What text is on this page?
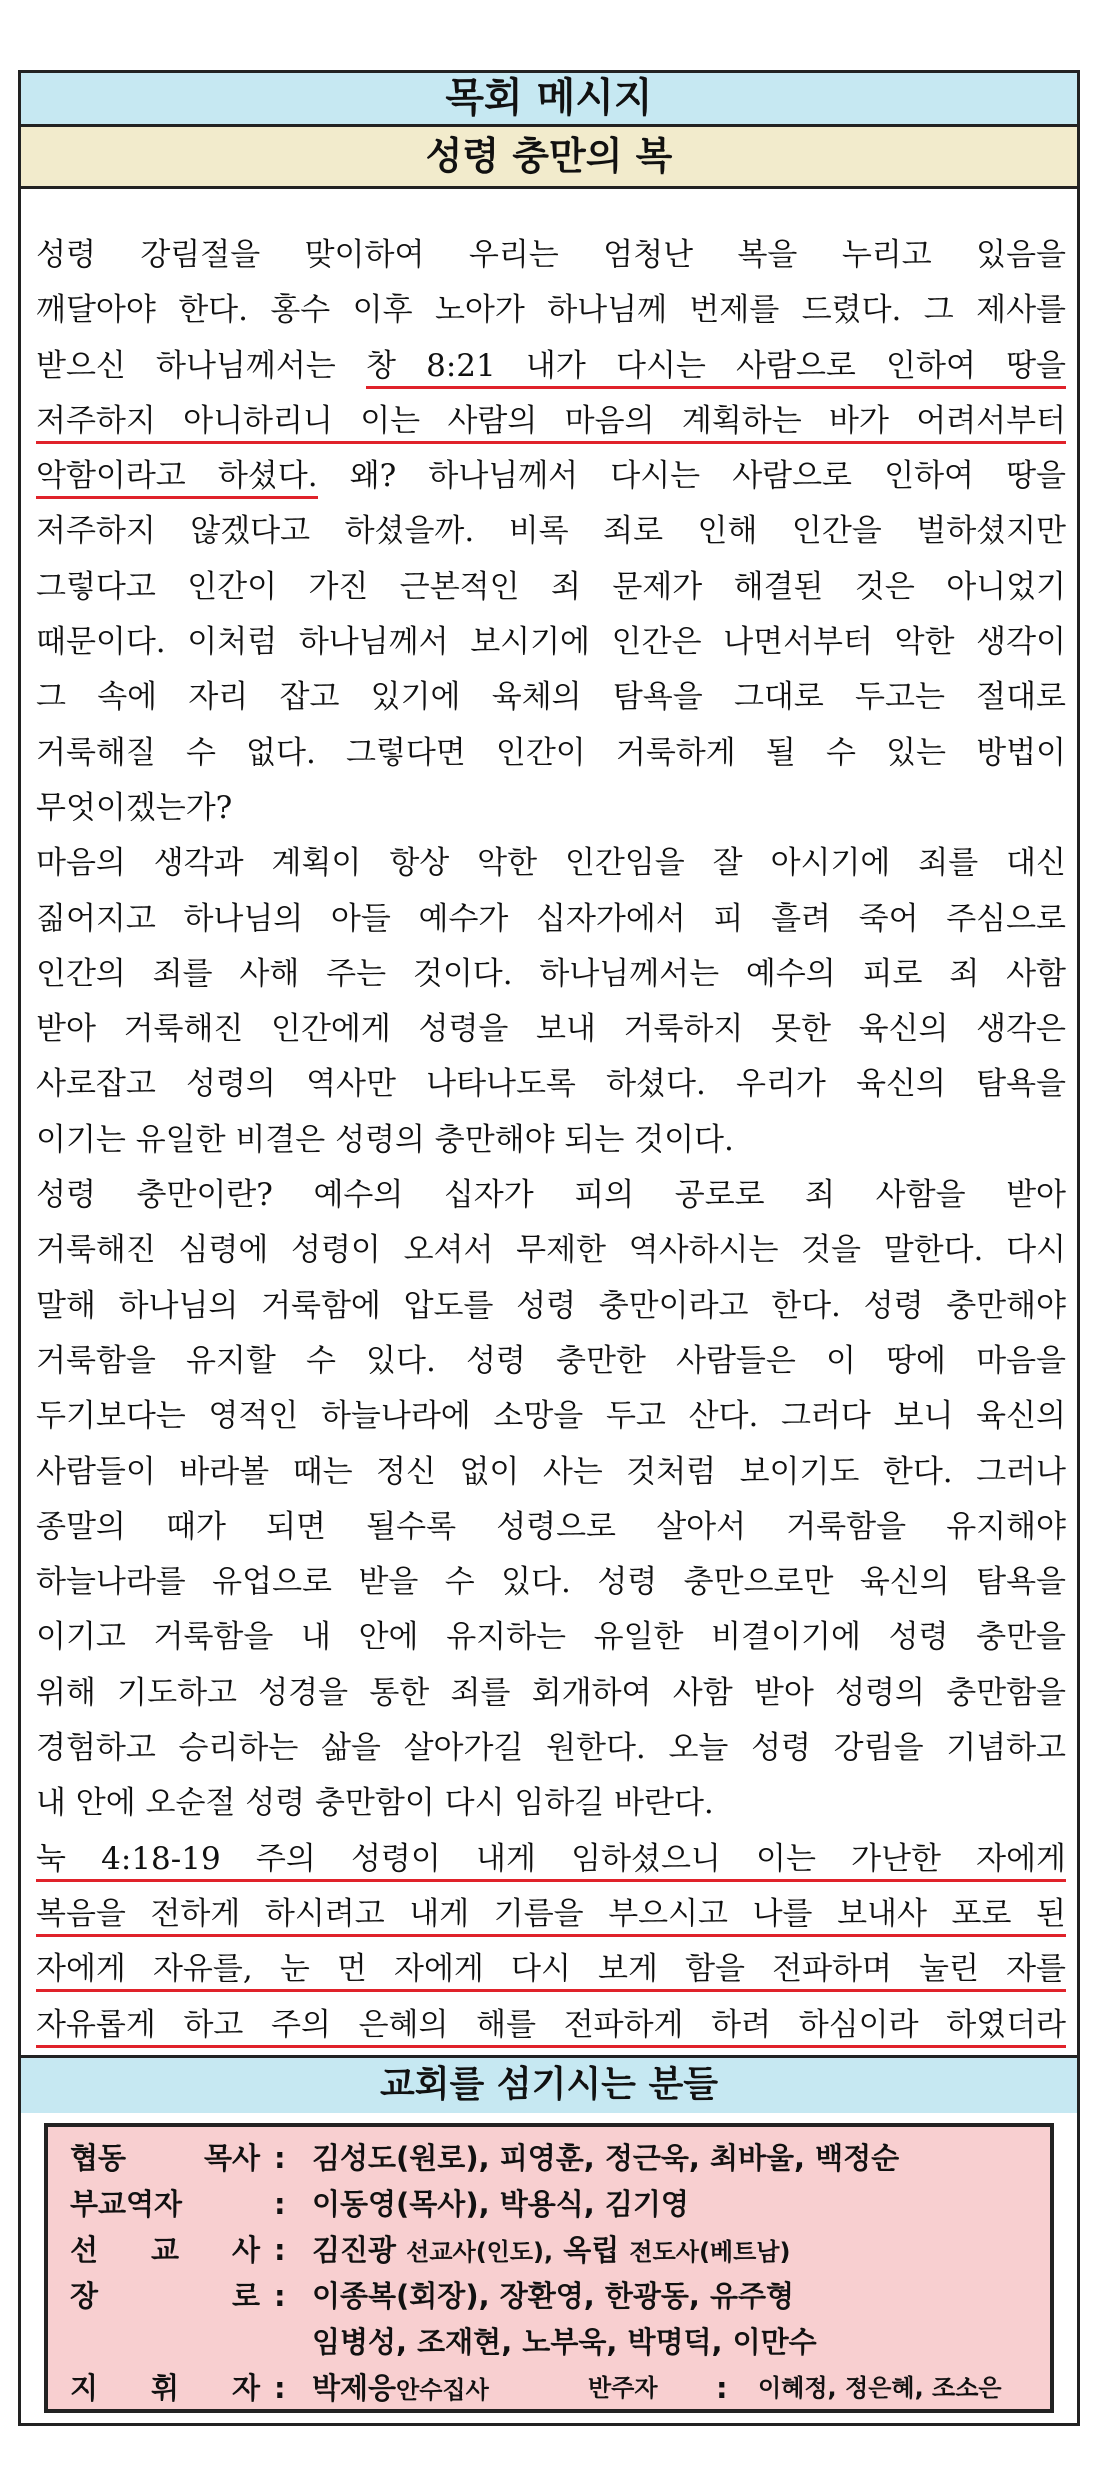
목회 메시지
성령 충만의 복
성령 강림절을 맞이하여 우리는 엄청난 복을 누리고 있음을
깨달아야 한다. 홍수 이후 노아가 하나님께 번제를 드렸다. 그 제사를
받으신 하나님께서는 창 8:21 내가 다시는 사람으로 인하여 땅을
저주하지 아니하리니 이는 사람의 마음의 계획하는 바가 어려서부터
악함이라고 하셨다. 왜? 하나님께서 다시는 사람으로 인하여 땅을
저주하지 않겠다고 하셨을까. 비록 죄로 인해 인간을 벌하셨지만
그렇다고 인간이 가진 근본적인 죄 문제가 해결된 것은 아니었기
때문이다. 이처럼 하나님께서 보시기에 인간은 나면서부터 악한 생각이
그 속에 자리 잡고 있기에 육체의 탐욕을 그대로 두고는 절대로
거룩해질 수 없다. 그렇다면 인간이 거룩하게 될 수 있는 방법이
무엇이겠는가?
마음의 생각과 계획이 항상 악한 인간임을 잘 아시기에 죄를 대신
짊어지고 하나님의 아들 예수가 십자가에서 피 흘려 죽어 주심으로
인간의 죄를 사해 주는 것이다. 하나님께서는 예수의 피로 죄 사함
받아 거룩해진 인간에게 성령을 보내 거룩하지 못한 육신의 생각은
사로잡고 성령의 역사만 나타나도록 하셨다. 우리가 육신의 탐욕을
이기는 유일한 비결은 성령의 충만해야 되는 것이다.
성령 충만이란? 예수의 십자가 피의 공로로 죄 사함을 받아
거룩해진 심령에 성령이 오셔서 무제한 역사하시는 것을 말한다. 다시
말해 하나님의 거룩함에 압도를 성령 충만이라고 한다. 성령 충만해야
거룩함을 유지할 수 있다. 성령 충만한 사람들은 이 땅에 마음을
두기보다는 영적인 하늘나라에 소망을 두고 산다. 그러다 보니 육신의
사람들이 바라볼 때는 정신 없이 사는 것처럼 보이기도 한다. 그러나
종말의 때가 되면 될수록 성령으로 살아서 거룩함을 유지해야
하늘나라를 유업으로 받을 수 있다. 성령 충만으로만 육신의 탐욕을
이기고 거룩함을 내 안에 유지하는 유일한 비결이기에 성령 충만을
위해 기도하고 성경을 통한 죄를 회개하여 사함 받아 성령의 충만함을
경험하고 승리하는 삶을 살아가길 원한다. 오늘 성령 강림을 기념하고
내 안에 오순절 성령 충만함이 다시 임하길 바란다.
눅 4:18-19 주의 성령이 내게 임하셨으니 이는 가난한 자에게
복음을 전하게 하시려고 내게 기름을 부으시고 나를 보내사 포로 된
자에게 자유를, 눈 먼 자에게 다시 보게 함을 전파하며 눌린 자를
자유롭게 하고 주의 은혜의 해를 전파하게 하려 하심이라 하였더라
교회를 섬기시는 분들
협동 목사 : 김성도(원로), 피영훈, 정근욱, 최바울, 백정순
부교역자	: 이동영(목사), 박용식, 김기영
선 교 사 : 김진광 선교사(인도), 옥립 전도사(베트남)
장 로 : 이종복(회장), 장환영, 한광동, 유주형
임병성, 조재현, 노부욱, 박명덕, 이만수
지 휘 자 : 박제응안수집사	반주자 : 이혜정, 정은혜, 조소은
